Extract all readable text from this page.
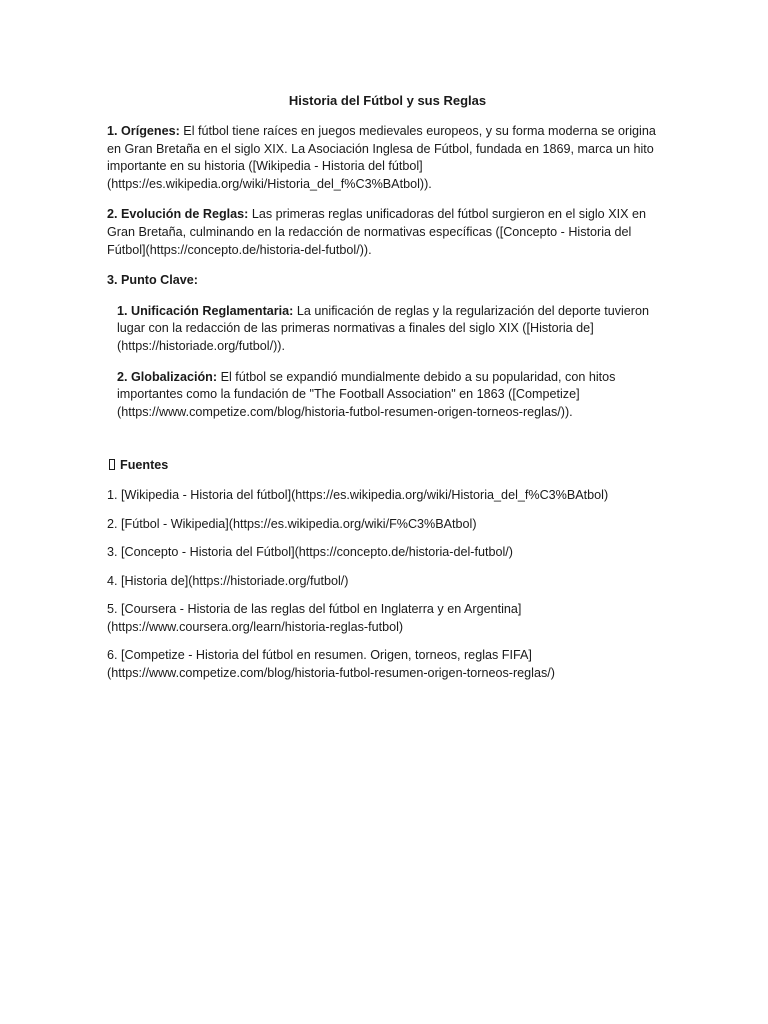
Historia del Fútbol y sus Reglas

1. Orígenes: El fútbol tiene raíces en juegos medievales europeos, y su forma moderna se origina en Gran Bretaña en el siglo XIX. La Asociación Inglesa de Fútbol, fundada en 1869, marca un hito importante en su historia ([Wikipedia - Historia del fútbol](https://es.wikipedia.org/wiki/Historia_del_f%C3%BAtbol)).

2. Evolución de Reglas: Las primeras reglas unificadoras del fútbol surgieron en el siglo XIX en Gran Bretaña, culminando en la redacción de normativas específicas ([Concepto - Historia del Fútbol](https://concepto.de/historia-del-futbol/)).

3. Punto Clave:

1. Unificación Reglamentaria: La unificación de reglas y la regularización del deporte tuvieron lugar con la redacción de las primeras normativas a finales del siglo XIX ([Historia de](https://historiade.org/futbol/)).

2. Globalización: El fútbol se expandió mundialmente debido a su popularidad, con hitos importantes como la fundación de "The Football Association" en 1863 ([Competize](https://www.competize.com/blog/historia-futbol-resumen-origen-torneos-reglas/)).

Fuentes

1. [Wikipedia - Historia del fútbol](https://es.wikipedia.org/wiki/Historia_del_f%C3%BAtbol)

2. [Fútbol - Wikipedia](https://es.wikipedia.org/wiki/F%C3%BAtbol)

3. [Concepto - Historia del Fútbol](https://concepto.de/historia-del-futbol/)

4. [Historia de](https://historiade.org/futbol/)

5. [Coursera - Historia de las reglas del fútbol en Inglaterra y en Argentina](https://www.coursera.org/learn/historia-reglas-futbol)

6. [Competize - Historia del fútbol en resumen. Origen, torneos, reglas FIFA](https://www.competize.com/blog/historia-futbol-resumen-origen-torneos-reglas/)
